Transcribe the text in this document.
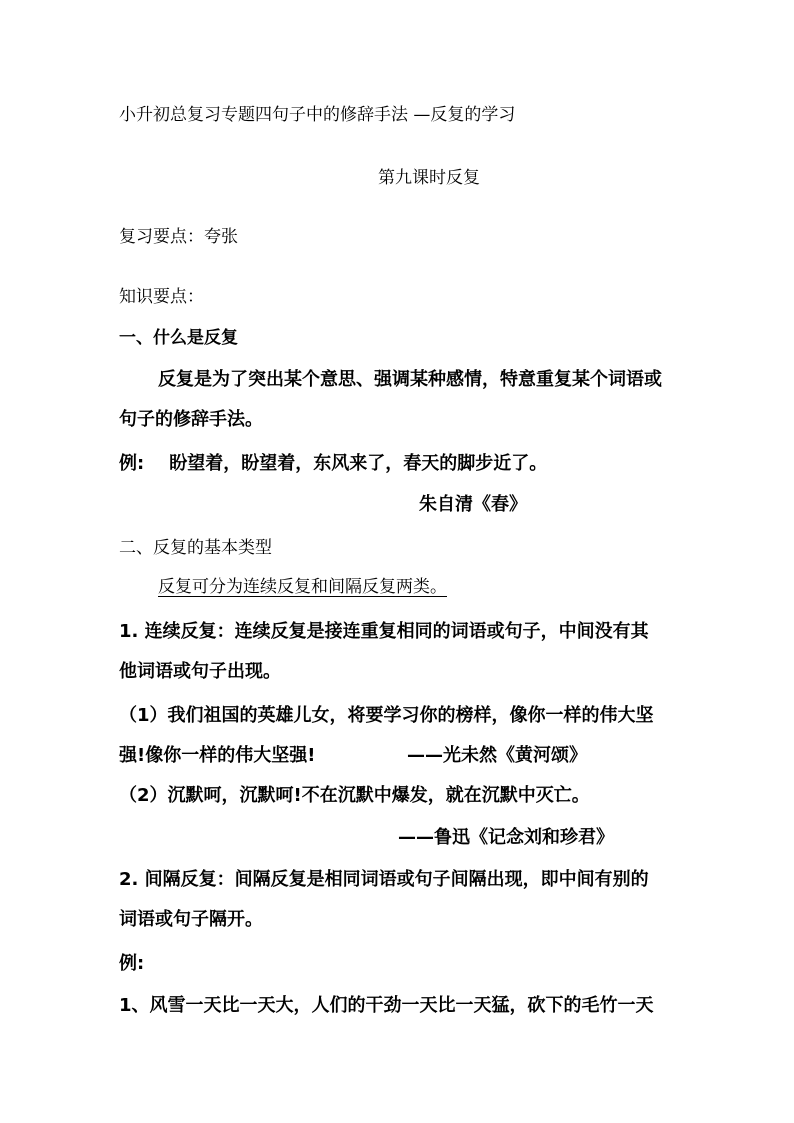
小升初总复习专题四句子中的修辞手法 —反复的学习
第九课时反复
复习要点：夸张
知识要点：
一、什么是反复
反复是为了突出某个意思、强调某种感情，特意重复某个词语或
句子的修辞手法。
例:    盼望着，盼望着，东风来了，春天的脚步近了。
朱自清《春》
二、反复的基本类型
反复可分为连续反复和间隔反复两类。
1. 连续反复：连续反复是接连重复相同的词语或句子，中间没有其
他词语或句子出现。
（1）我们祖国的英雄儿女，将要学习你的榜样，像你一样的伟大坚
强!像你一样的伟大坚强!	——光未然《黄河颂》
（2）沉默呵，沉默呵!不在沉默中爆发，就在沉默中灭亡。
——鲁迅《记念刘和珍君》
2. 间隔反复：间隔反复是相同词语或句子间隔出现，即中间有别的
词语或句子隔开。
例:
1、风雪一天比一天大，人们的干劲一天比一天猛，砍下的毛竹一天
